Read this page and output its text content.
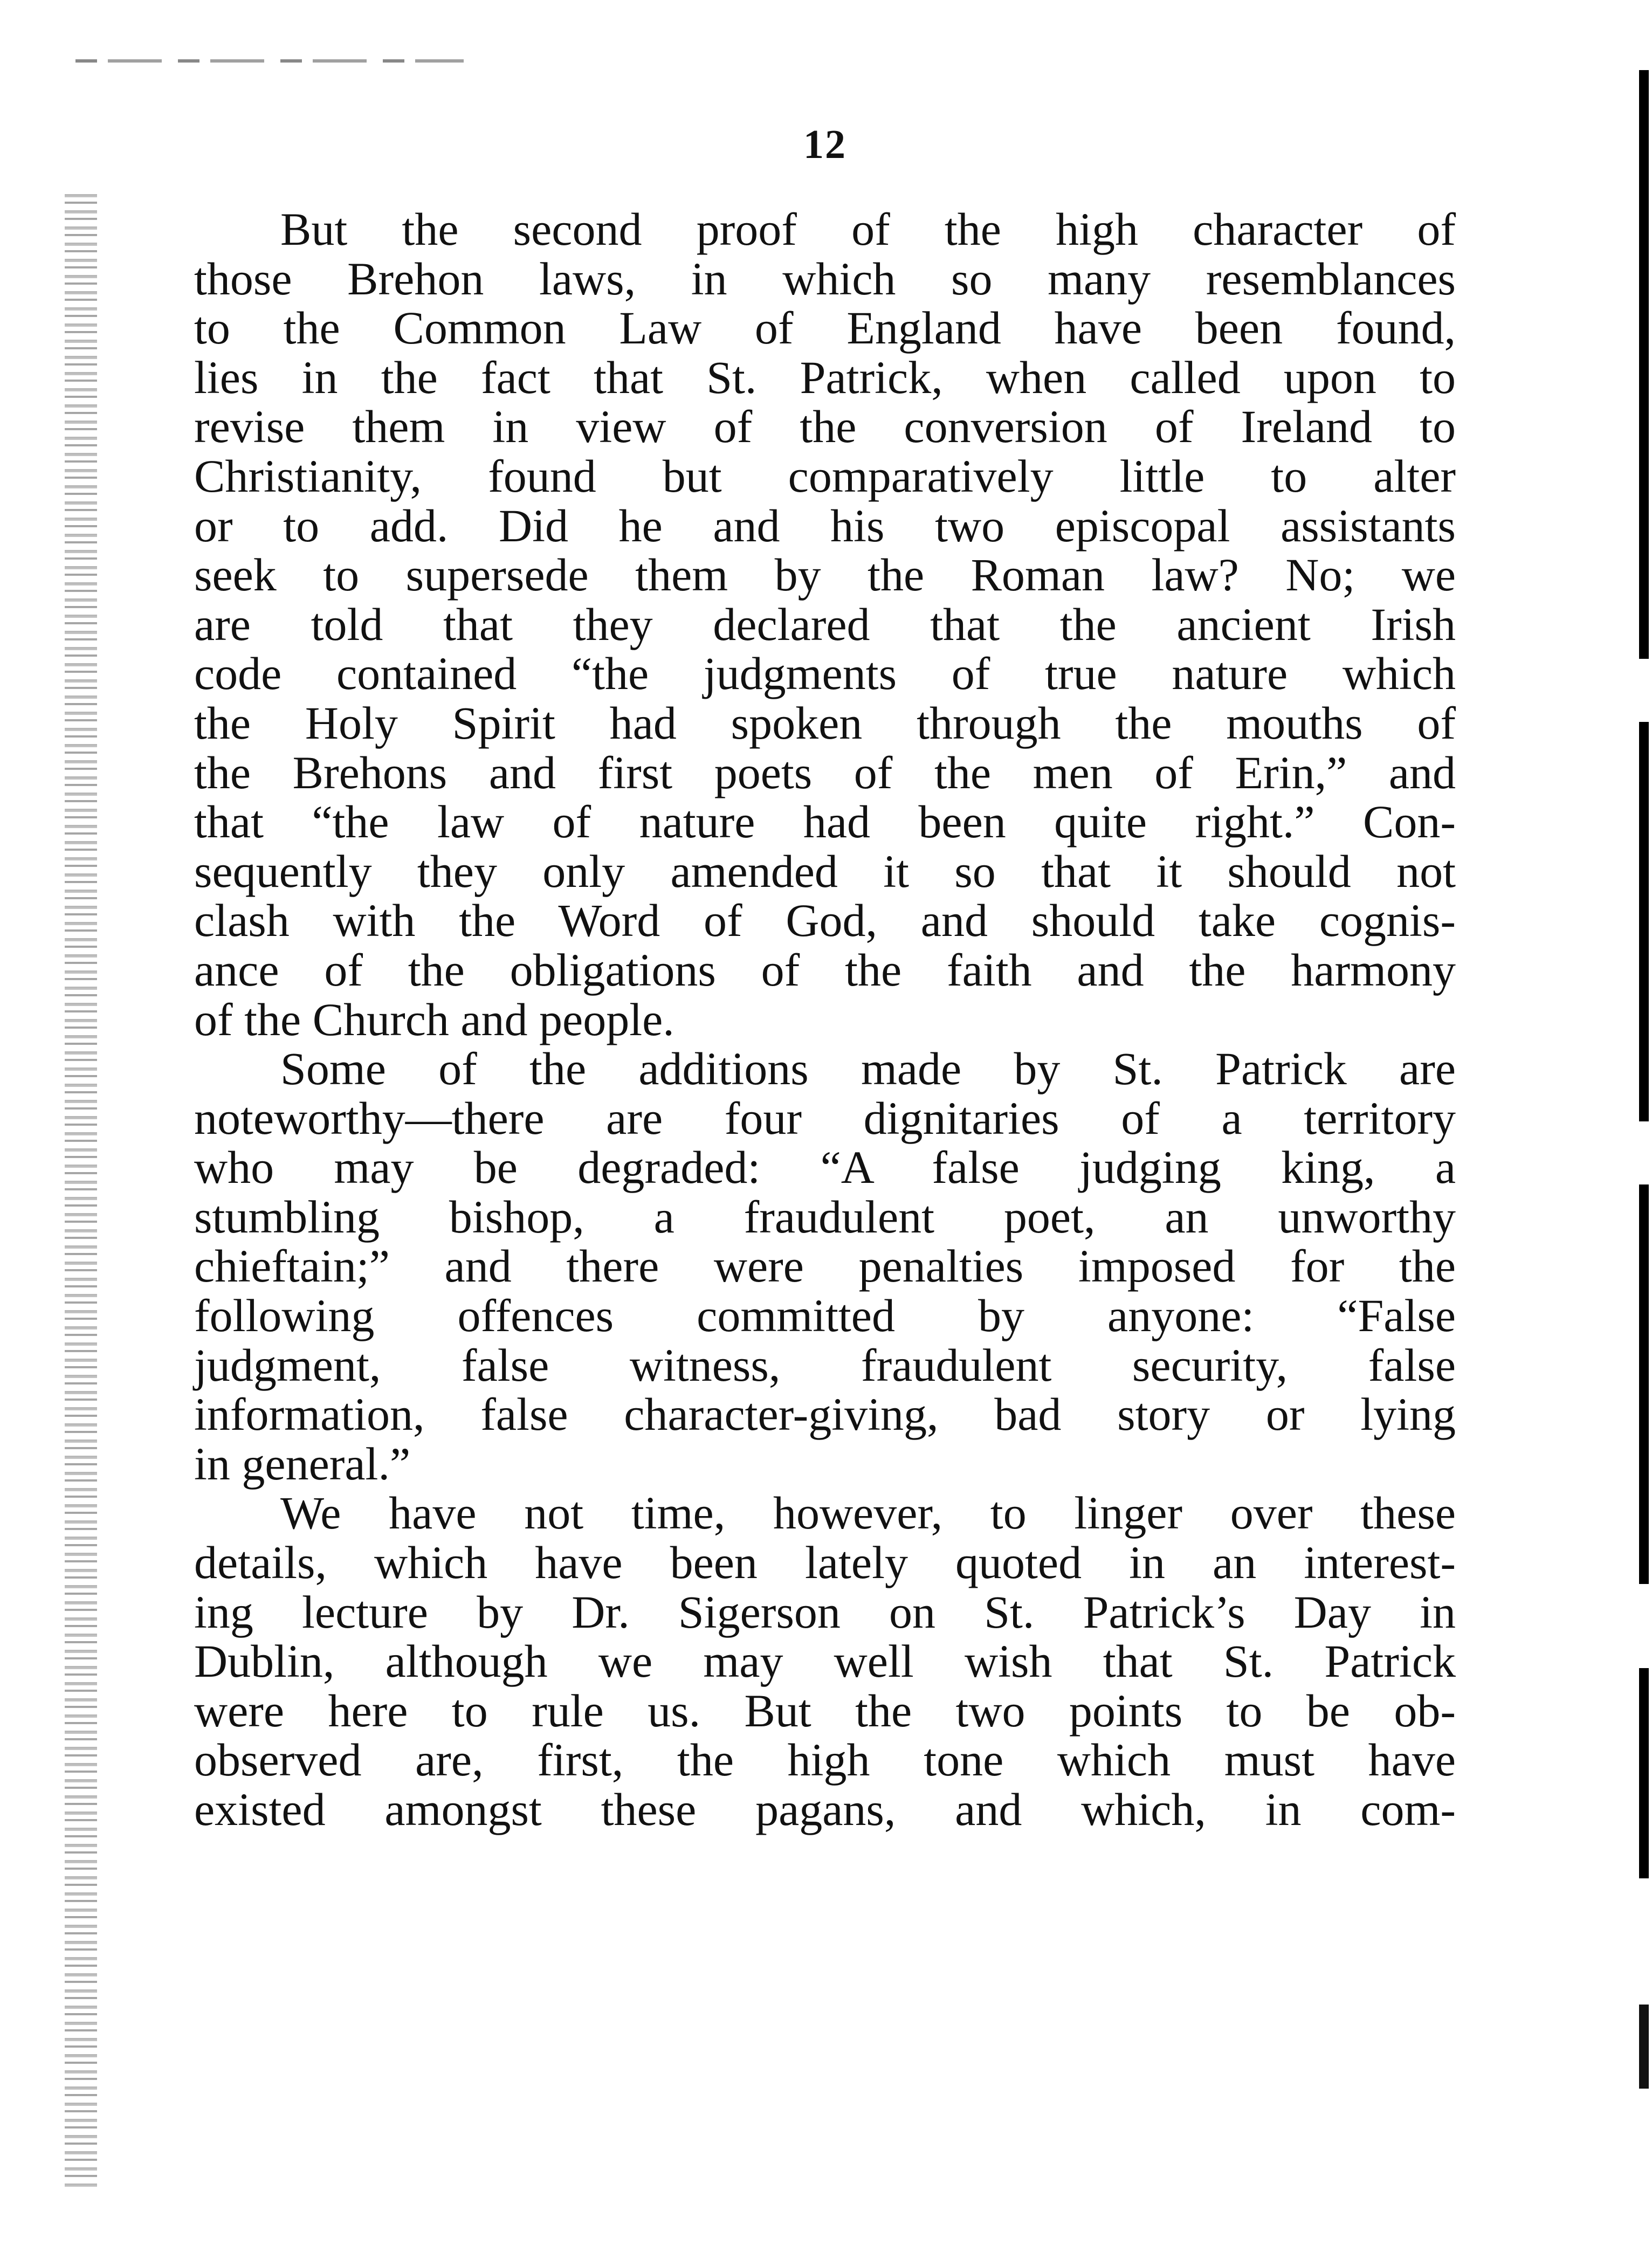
12
But the second proof of the high character of
those Brehon laws, in which so many resemblances
to the Common Law of England have been found,
lies in the fact that St. Patrick, when called upon to
revise them in view of the conversion of Ireland to
Christianity, found but comparatively little to alter
or to add. Did he and his two episcopal assistants
seek to supersede them by the Roman law? No; we
are told that they declared that the ancient Irish
code contained “the judgments of true nature which
the Holy Spirit had spoken through the mouths of
the Brehons and first poets of the men of Erin,” and
that “the law of nature had been quite right.” Con-
sequently they only amended it so that it should not
clash with the Word of God, and should take cognis-
ance of the obligations of the faith and the harmony
of the Church and people.
Some of the additions made by St. Patrick are
noteworthy—there are four dignitaries of a territory
who may be degraded: “A false judging king, a
stumbling bishop, a fraudulent poet, an unworthy
chieftain;” and there were penalties imposed for the
following offences committed by anyone: “False
judgment, false witness, fraudulent security, false
information, false character-giving, bad story or lying
in general.”
We have not time, however, to linger over these
details, which have been lately quoted in an interest-
ing lecture by Dr. Sigerson on St. Patrick’s Day in
Dublin, although we may well wish that St. Patrick
were here to rule us. But the two points to be ob-
observed are, first, the high tone which must have
existed amongst these pagans, and which, in com-
